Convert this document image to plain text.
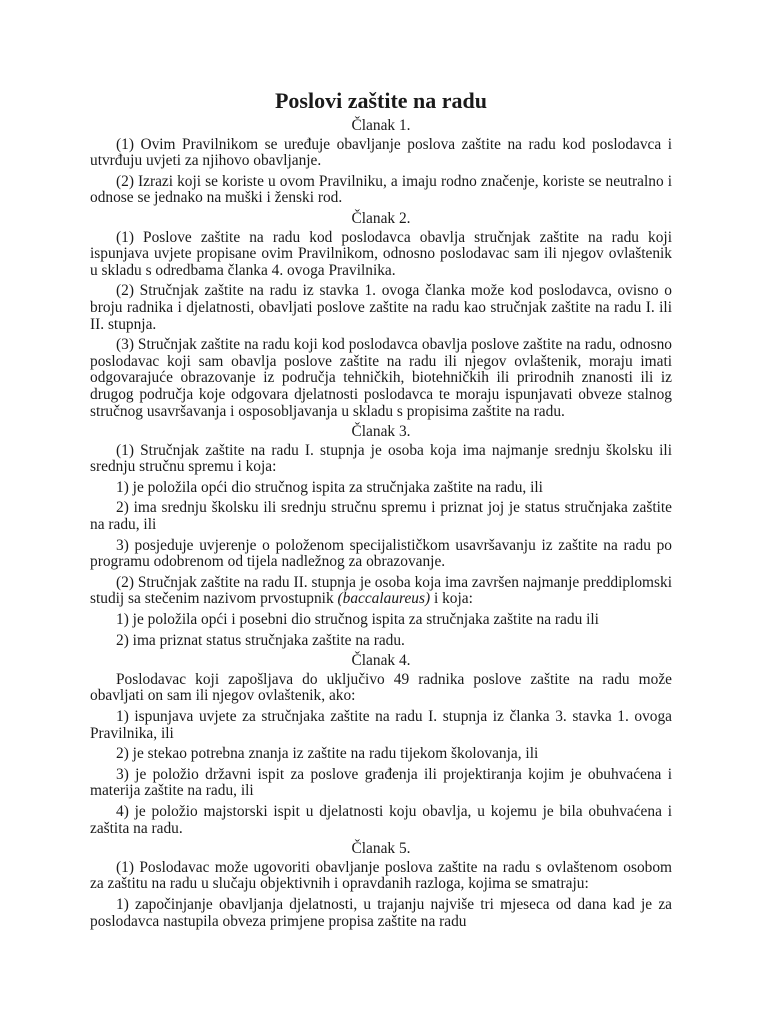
Poslovi zaštite na radu
Članak 1.
(1) Ovim Pravilnikom se uređuje obavljanje poslova zaštite na radu kod poslodavca i utvrđuju uvjeti za njihovo obavljanje.
(2) Izrazi koji se koriste u ovom Pravilniku, a imaju rodno značenje, koriste se neutralno i odnose se jednako na muški i ženski rod.
Članak 2.
(1) Poslove zaštite na radu kod poslodavca obavlja stručnjak zaštite na radu koji ispunjava uvjete propisane ovim Pravilnikom, odnosno poslodavac sam ili njegov ovlaštenik u skladu s odredbama članka 4. ovoga Pravilnika.
(2) Stručnjak zaštite na radu iz stavka 1. ovoga članka može kod poslodavca, ovisno o broju radnika i djelatnosti, obavljati poslove zaštite na radu kao stručnjak zaštite na radu I. ili II. stupnja.
(3) Stručnjak zaštite na radu koji kod poslodavca obavlja poslove zaštite na radu, odnosno poslodavac koji sam obavlja poslove zaštite na radu ili njegov ovlaštenik, moraju imati odgovarajuće obrazovanje iz područja tehničkih, biotehničkih ili prirodnih znanosti ili iz drugog područja koje odgovara djelatnosti poslodavca te moraju ispunjavati obveze stalnog stručnog usavršavanja i osposobljavanja u skladu s propisima zaštite na radu.
Članak 3.
(1) Stručnjak zaštite na radu I. stupnja je osoba koja ima najmanje srednju školsku ili srednju stručnu spremu i koja:
1) je položila opći dio stručnog ispita za stručnjaka zaštite na radu, ili
2) ima srednju školsku ili srednju stručnu spremu i priznat joj je status stručnjaka zaštite na radu, ili
3) posjeduje uvjerenje o položenom specijalističkom usavršavanju iz zaštite na radu po programu odobrenom od tijela nadležnog za obrazovanje.
(2) Stručnjak zaštite na radu II. stupnja je osoba koja ima završen najmanje preddiplomski studij sa stečenim nazivom prvostupnik (baccalaureus) i koja:
1) je položila opći i posebni dio stručnog ispita za stručnjaka zaštite na radu ili
2) ima priznat status stručnjaka zaštite na radu.
Članak 4.
Poslodavac koji zapošljava do uključivo 49 radnika poslove zaštite na radu može obavljati on sam ili njegov ovlaštenik, ako:
1) ispunjava uvjete za stručnjaka zaštite na radu I. stupnja iz članka 3. stavka 1. ovoga Pravilnika, ili
2) je stekao potrebna znanja iz zaštite na radu tijekom školovanja, ili
3) je položio državni ispit za poslove građenja ili projektiranja kojim je obuhvaćena i materija zaštite na radu, ili
4) je položio majstorski ispit u djelatnosti koju obavlja, u kojemu je bila obuhvaćena i zaštita na radu.
Članak 5.
(1) Poslodavac može ugovoriti obavljanje poslova zaštite na radu s ovlaštenom osobom za zaštitu na radu u slučaju objektivnih i opravdanih razloga, kojima se smatraju:
1) započinjanje obavljanja djelatnosti, u trajanju najviše tri mjeseca od dana kad je za poslodavca nastupila obveza primjene propisa zaštite na radu
